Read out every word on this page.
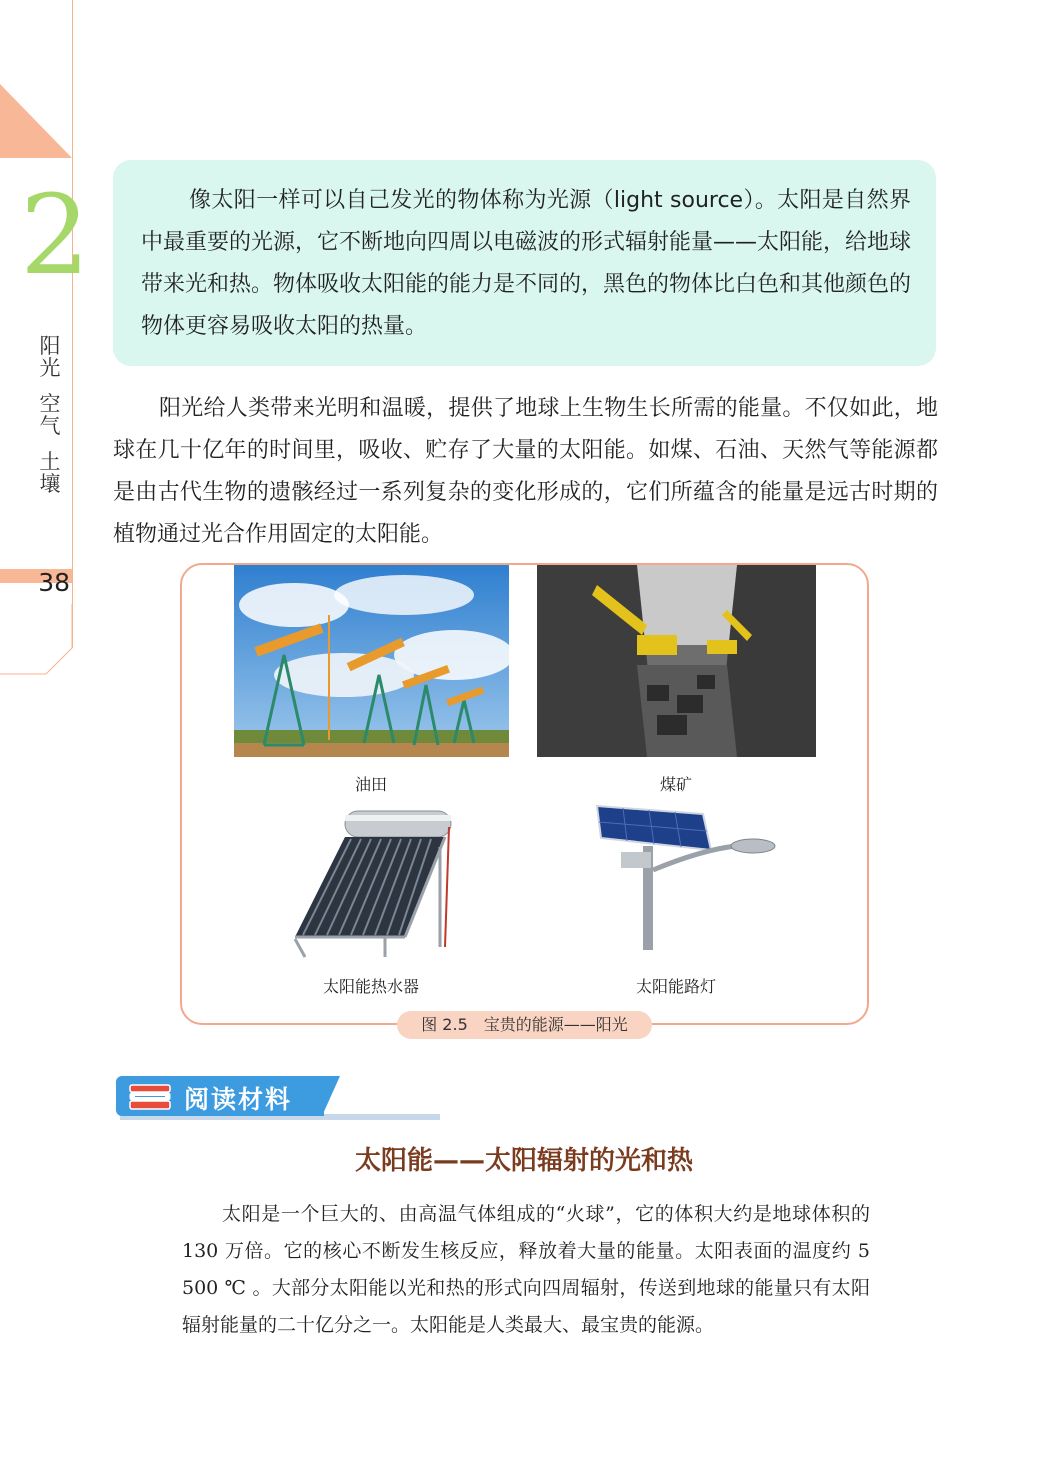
2
阳
光
空
气
土
壤
38

像太阳一样可以自己发光的物体称为光源（light source）。太阳是自然界中最重要的光源，它不断地向四周以电磁波的形式辐射能量——太阳能，给地球带来光和热。物体吸收太阳能的能力是不同的，黑色的物体比白色和其他颜色的物体更容易吸收太阳的热量。

阳光给人类带来光明和温暖，提供了地球上生物生长所需的能量。不仅如此，地球在几十亿年的时间里，吸收、贮存了大量的太阳能。如煤、石油、天然气等能源都是由古代生物的遗骸经过一系列复杂的变化形成的，它们所蕴含的能量是远古时期的植物通过光合作用固定的太阳能。

油田	煤矿
太阳能热水器	太阳能路灯
图 2.5　宝贵的能源——阳光
阅读材料
太阳能——太阳辐射的光和热

太阳是一个巨大的、由高温气体组成的“火球”，它的体积大约是地球体积的 130 万倍。它的核心不断发生核反应，释放着大量的能量。太阳表面的温度约 5 500 ℃ 。大部分太阳能以光和热的形式向四周辐射，传送到地球的能量只有太阳辐射能量的二十亿分之一。太阳能是人类最大、最宝贵的能源。
